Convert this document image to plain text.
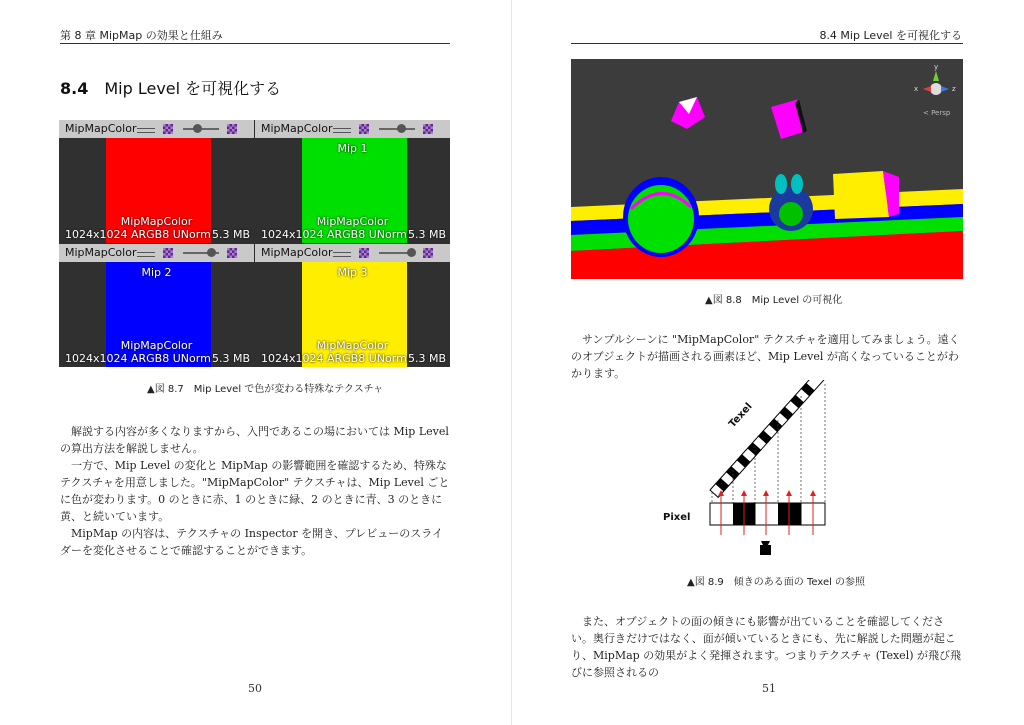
第 8 章 MipMap の効果と仕組み
8.4 Mip Level を可視化する
MipMapColor
MipMapColor
1024x1024 ARGB8 UNorm 5.3 MB
MipMapColor
Mip 1
MipMapColor
1024x1024 ARGB8 UNorm 5.3 MB
MipMapColor
Mip 2
MipMapColor
1024x1024 ARGB8 UNorm 5.3 MB
MipMapColor
Mip 3
MipMapColor
1024x1024 ARGB8 UNorm 5.3 MB
▲図 8.7　Mip Level で色が変わる特殊なテクスチャ

解説する内容が多くなりますから、入門であるこの場においては Mip Level の算出方法を解説しません。

一方で、Mip Level の変化と MipMap の影響範囲を確認するため、特殊なテクスチャを用意しました。"MipMapColor" テクスチャは、Mip Level ごとに色が変わります。0 のときに赤、1 のときに緑、2 のときに青、3 のときに黄、と続いています。

MipMap の内容は、テクスチャの Inspector を開き、プレビューのスライダーを変化させることで確認することができます。

50
8.4 Mip Level を可視化する
y
x	z
< Persp
▲図 8.8　Mip Level の可視化

サンプルシーンに "MipMapColor" テクスチャを適用してみましょう。遠くのオブジェクトが描画される画素ほど、Mip Level が高くなっていることがわかります。

Texel
Pixel
▲図 8.9　傾きのある面の Texel の参照

また、オブジェクトの面の傾きにも影響が出ていることを確認してください。奥行きだけではなく、面が傾いているときにも、先に解説した問題が起こり、MipMap の効果がよく発揮されます。つまりテクスチャ (Texel) が飛び飛びに参照されるの

51
